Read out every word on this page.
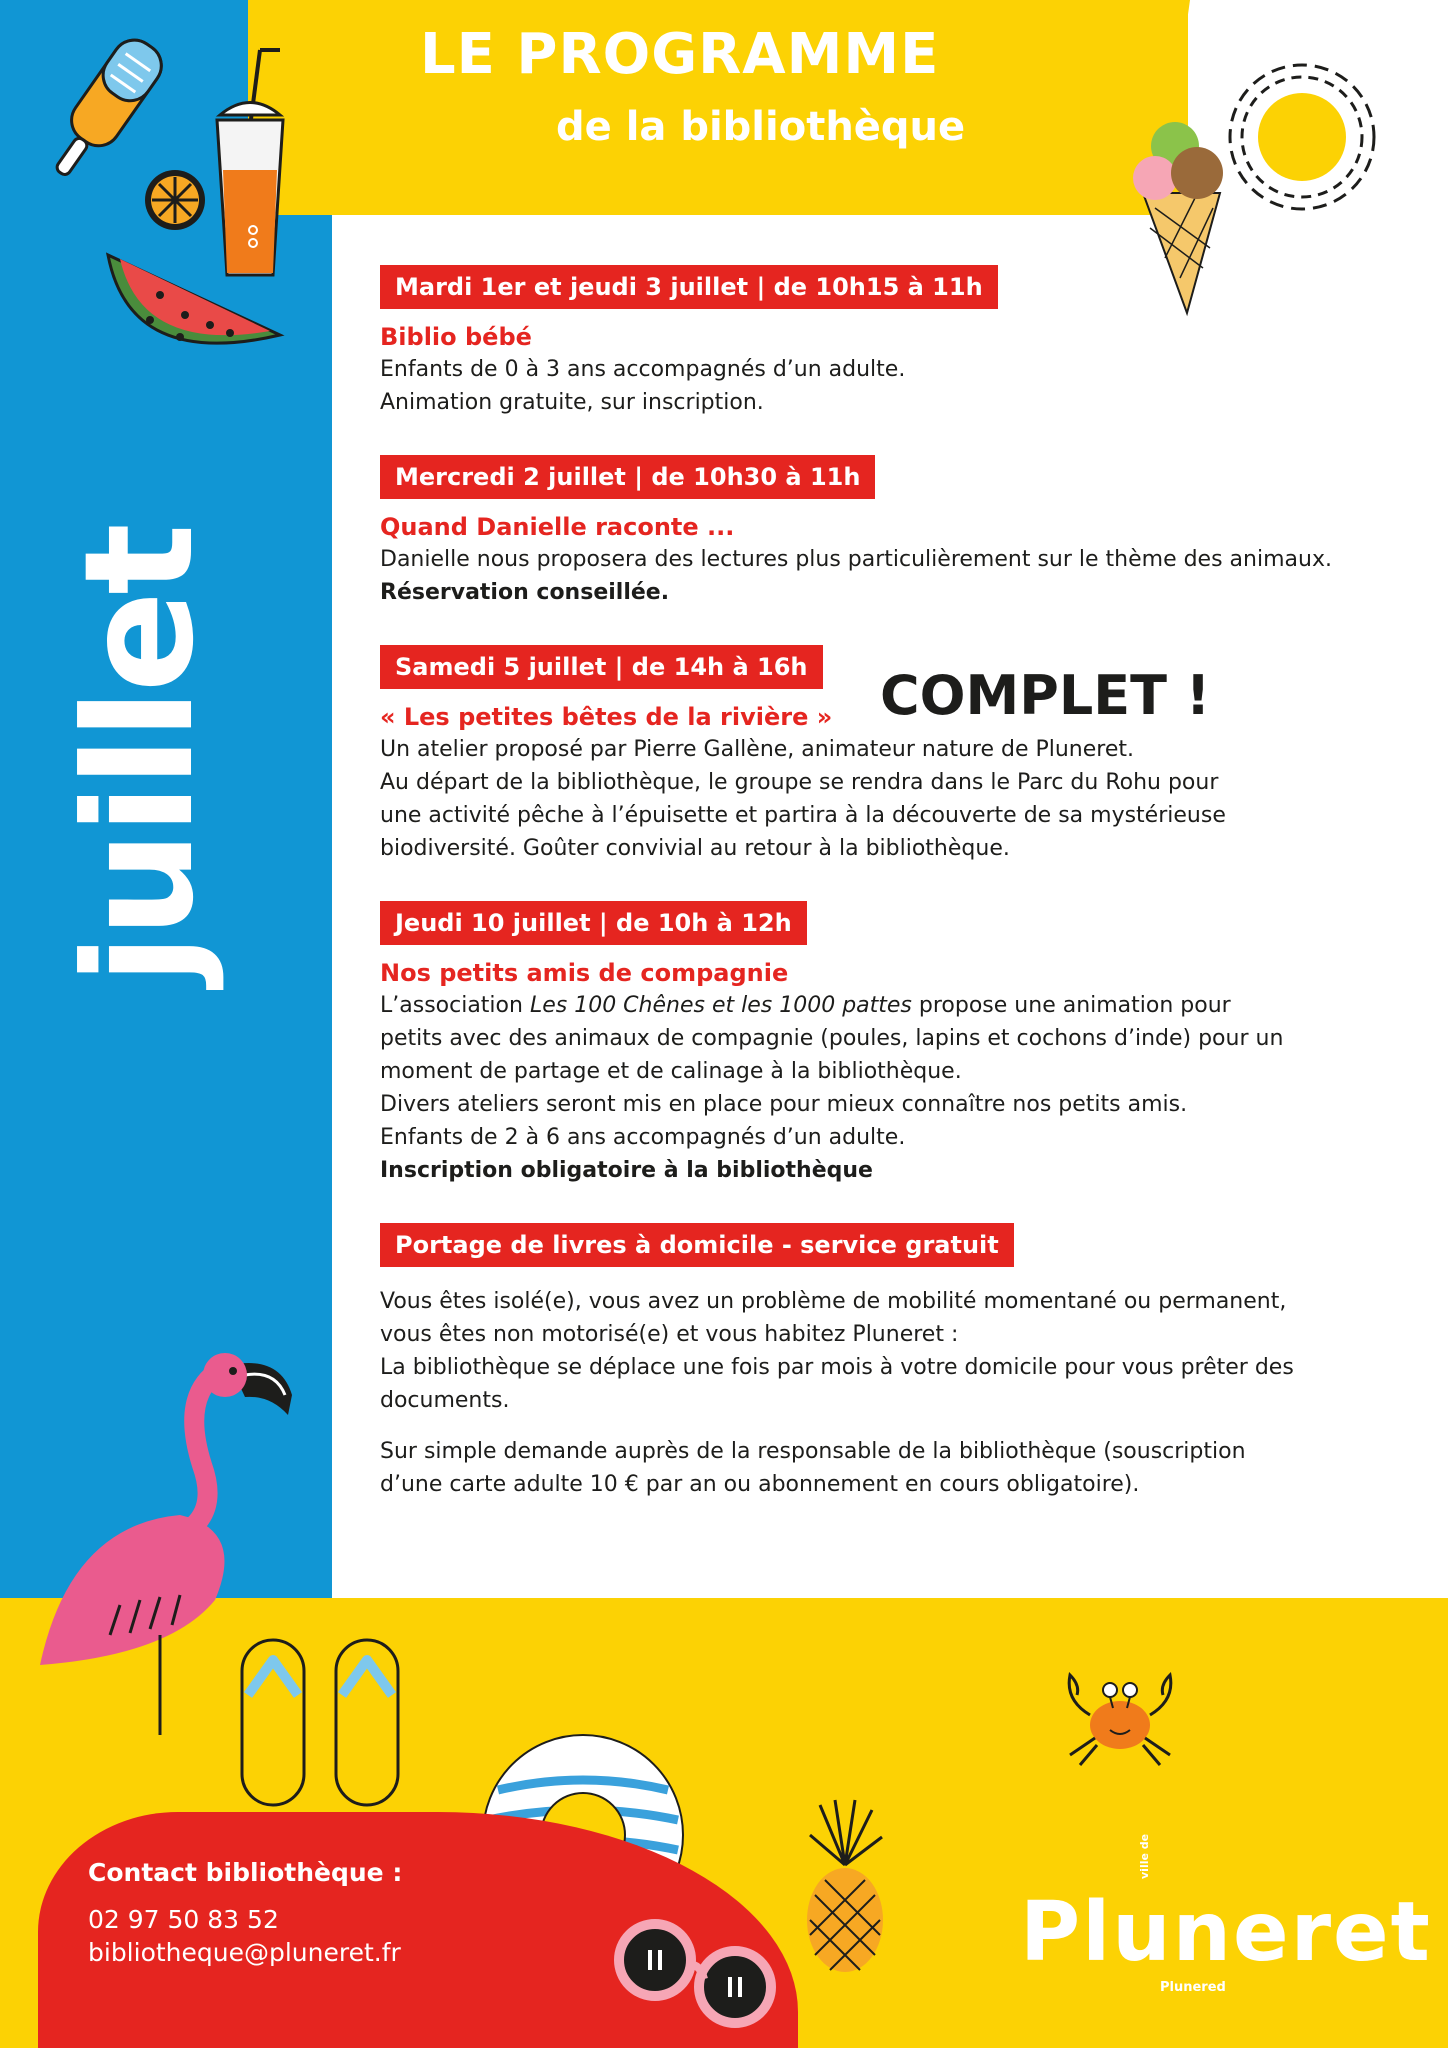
LE PROGRAMME
de la bibliothèque
juillet
Mardi 1er et jeudi 3 juillet | de 10h15 à 11h
Biblio bébé
Enfants de 0 à 3 ans accompagnés d’un adulte.
Animation gratuite, sur inscription.
Mercredi 2 juillet | de 10h30 à 11h
Quand Danielle raconte ...
Danielle nous proposera des lectures plus particulièrement sur le thème des animaux.
Réservation conseillée.
Samedi 5 juillet | de 14h à 16h
« Les petites bêtes de la rivière »
Un atelier proposé par Pierre Gallène, animateur nature de Pluneret.
Au départ de la bibliothèque, le groupe se rendra dans le Parc du Rohu pour
une activité pêche à l’épuisette et partira à la découverte de sa mystérieuse
biodiversité. Goûter convivial au retour à la bibliothèque.
Jeudi 10 juillet | de 10h à 12h
Nos petits amis de compagnie
L’association Les 100 Chênes et les 1000 pattes propose une animation pour
petits avec des animaux de compagnie (poules, lapins et cochons d’inde) pour un
moment de partage et de calinage à la bibliothèque.
Divers ateliers seront mis en place pour mieux connaître nos petits amis.
Enfants de 2 à 6 ans accompagnés d’un adulte.
Inscription obligatoire à la bibliothèque
Portage de livres à domicile - service gratuit
Vous êtes isolé(e), vous avez un problème de mobilité momentané ou permanent,
vous êtes non motorisé(e) et vous habitez Pluneret :
La bibliothèque se déplace une fois par mois à votre domicile pour vous prêter des
documents.
Sur simple demande auprès de la responsable de la bibliothèque (souscription
d’une carte adulte 10 € par an ou abonnement en cours obligatoire).
COMPLET !
Contact bibliothèque :
02 97 50 83 52
bibliotheque@pluneret.fr
ville de
Pluneret
Plunered
